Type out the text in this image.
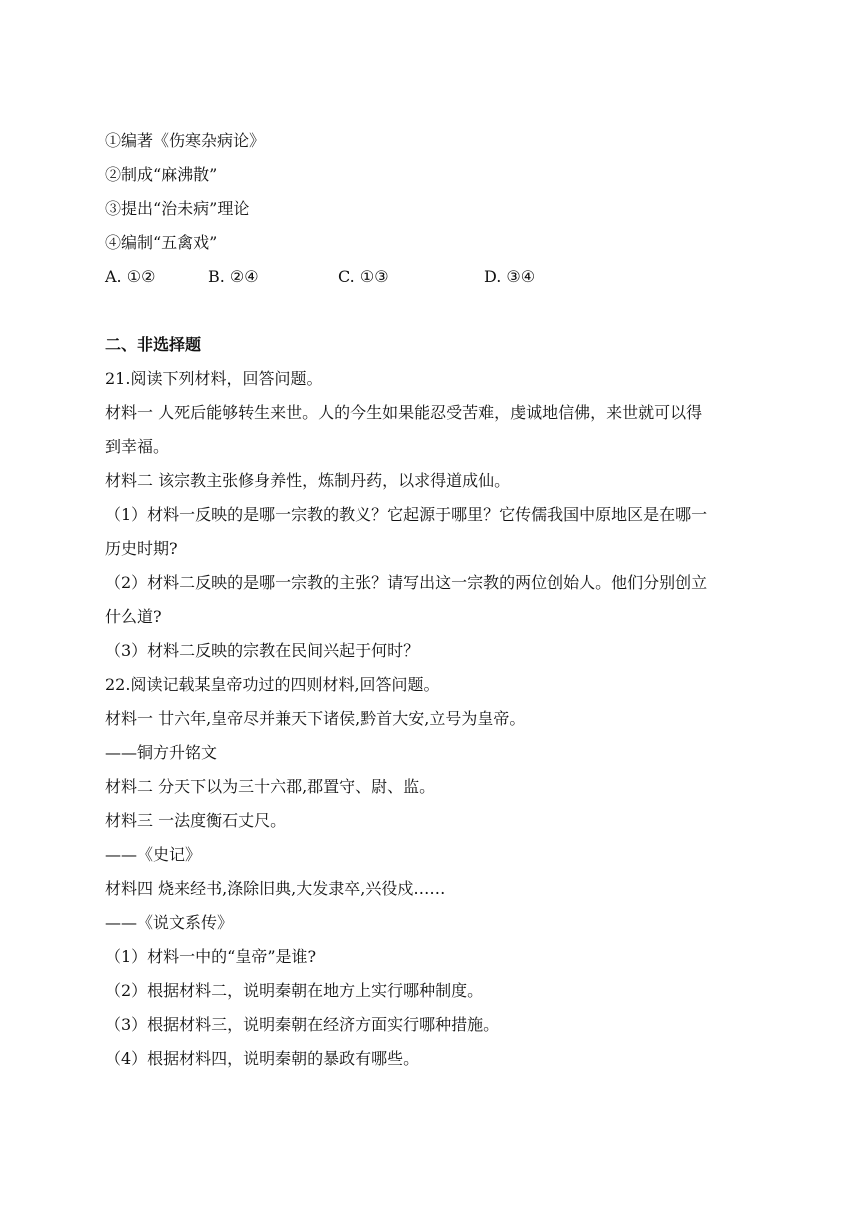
①编著《伤寒杂病论》
②制成“麻沸散”
③提出“治未病”理论
④编制“五禽戏”
A. ①②	B. ②④	C. ①③	D. ③④
二、非选择题
21.阅读下列材料，回答问题。
材料一 人死后能够转生来世。人的今生如果能忍受苦难，虔诚地信佛，来世就可以得
到幸福。
材料二 该宗教主张修身养性，炼制丹药，以求得道成仙。
（1）材料一反映的是哪一宗教的教义？它起源于哪里？它传儒我国中原地区是在哪一
历史时期?
（2）材料二反映的是哪一宗教的主张？请写出这一宗教的两位创始人。他们分别创立
什么道?
（3）材料二反映的宗教在民间兴起于何时？
22.阅读记载某皇帝功过的四则材料,回答问题。
材料一 廿六年,皇帝尽并兼天下诸侯,黔首大安,立号为皇帝。
——铜方升铭文
材料二 分天下以为三十六郡,郡置守、尉、监。
材料三 一法度衡石丈尺。
——《史记》
材料四 烧来经书,涤除旧典,大发隶卒,兴役戍……
——《说文系传》
（1）材料一中的“皇帝”是谁?
（2）根据材料二，说明秦朝在地方上实行哪种制度。
（3）根据材料三，说明秦朝在经济方面实行哪种措施。
（4）根据材料四，说明秦朝的暴政有哪些。
